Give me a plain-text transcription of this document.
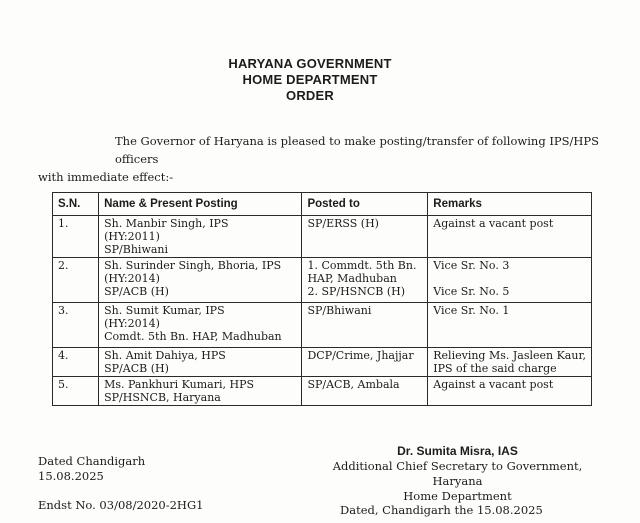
HARYANA GOVERNMENT
HOME DEPARTMENT
ORDER
The Governor of Haryana is pleased to make posting/transfer of following IPS/HPS officers
with immediate effect:-
S.N.	Name & Present Posting	Posted to	Remarks
1.	Sh. Manbir Singh, IPS
(HY:2011)
SP/Bhiwani	SP/ERSS (H)	Against a vacant post

2.	Sh. Surinder Singh, Bhoria, IPS
(HY:2014)
SP/ACB (H)	1. Commdt. 5th Bn.
HAP, Madhuban
2. SP/HSNCB (H)	Vice Sr. No. 3

Vice Sr. No. 5

3.	Sh. Sumit Kumar, IPS
(HY:2014)
Comdt. 5th Bn. HAP, Madhuban	SP/Bhiwani	Vice Sr. No. 1

4.	Sh. Amit Dahiya, HPS
SP/ACB (H)	DCP/Crime, Jhajjar	Relieving Ms. Jasleen Kaur,
IPS of the said charge

5.	Ms. Pankhuri Kumari, HPS
SP/HSNCB, Haryana	SP/ACB, Ambala	Against a vacant post
Dated Chandigarh
15.08.2025
Dr. Sumita Misra, IAS
Additional Chief Secretary to Government, Haryana
Home Department
Endst No. 03/08/2020-2HG1	Dated, Chandigarh the 15.08.2025
